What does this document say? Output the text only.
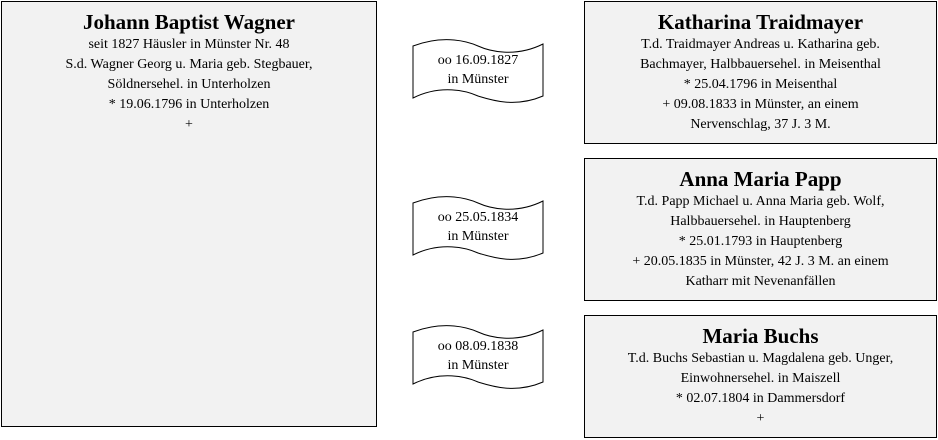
Johann Baptist Wagner
seit 1827 Häusler in Münster Nr. 48
S.d. Wagner Georg u. Maria geb. Stegbauer,
Söldnersehel. in Unterholzen
* 19.06.1796 in Unterholzen
+
Katharina Traidmayer
T.d. Traidmayer Andreas u. Katharina geb.
Bachmayer, Halbbauersehel. in Meisenthal
* 25.04.1796 in Meisenthal
+ 09.08.1833 in Münster, an einem
Nervenschlag, 37 J. 3 M.
Anna Maria Papp
T.d. Papp Michael u. Anna Maria geb. Wolf,
Halbbauersehel. in Hauptenberg
* 25.01.1793 in Hauptenberg
+ 20.05.1835 in Münster, 42 J. 3 M. an einem
Katharr mit Nevenanfällen
Maria Buchs
T.d. Buchs Sebastian u. Magdalena geb. Unger,
Einwohnersehel. in Maiszell
* 02.07.1804 in Dammersdorf
+
oo 16.09.1827
in Münster
oo 25.05.1834
in Münster
oo 08.09.1838
in Münster
